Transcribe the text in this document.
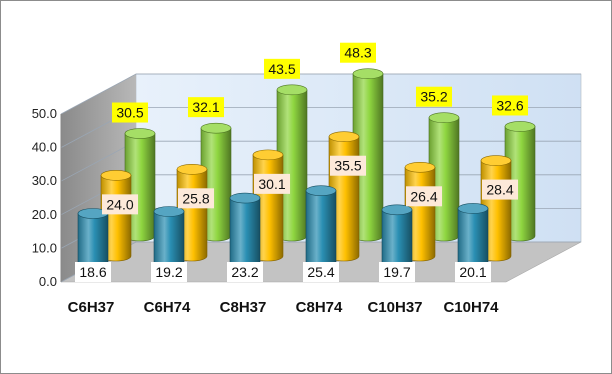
0.0
10.0
20.0
30.0
40.0
50.0	30.5	32.1
43.5
48.3
35.2
32.6
24.0	25.8
30.1
35.5
26.4	28.4
18.6	19.2	23.2	25.4	19.7	20.1
C6H37 C6H74 C8H37 C8H74 C10H37 C10H74
